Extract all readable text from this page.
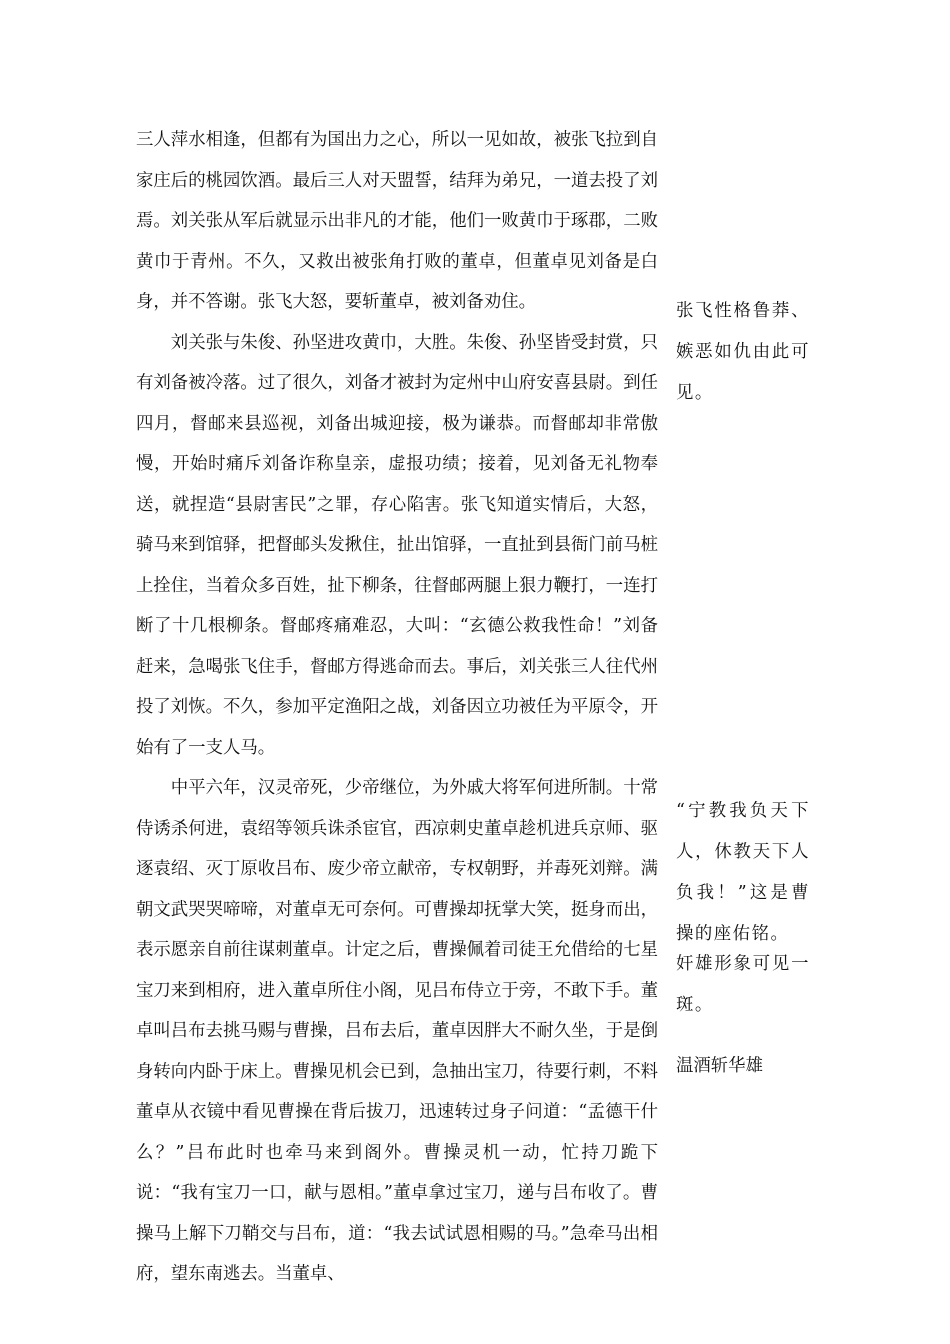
三人萍水相逢，但都有为国出力之心，所以一见如故，被张飞拉到自家庄后的桃园饮酒。最后三人对天盟誓，结拜为弟兄，一道去投了刘焉。刘关张从军后就显示出非凡的才能，他们一败黄巾于琢郡，二败黄巾于青州。不久，又救出被张角打败的董卓，但董卓见刘备是白身，并不答谢。张飞大怒，要斩董卓，被刘备劝住。

刘关张与朱俊、孙坚进攻黄巾，大胜。朱俊、孙坚皆受封赏，只有刘备被冷落。过了很久，刘备才被封为定州中山府安喜县尉。到任四月，督邮来县巡视，刘备出城迎接，极为谦恭。而督邮却非常傲慢，开始时痛斥刘备诈称皇亲，虚报功绩；接着，见刘备无礼物奉送，就捏造“县尉害民”之罪，存心陷害。张飞知道实情后，大怒，骑马来到馆驿，把督邮头发揪住，扯出馆驿，一直扯到县衙门前马桩上拴住，当着众多百姓，扯下柳条，往督邮两腿上狠力鞭打，一连打断了十几根柳条。督邮疼痛难忍，大叫：“玄德公救我性命！”刘备赶来，急喝张飞住手，督邮方得逃命而去。事后，刘关张三人往代州投了刘恢。不久，参加平定渔阳之战，刘备因立功被任为平原令，开始有了一支人马。

中平六年，汉灵帝死，少帝继位，为外戚大将军何进所制。十常侍诱杀何进，袁绍等领兵诛杀宦官，西凉刺史董卓趁机进兵京师、驱逐袁绍、灭丁原收吕布、废少帝立献帝，专权朝野，并毒死刘辩。满朝文武哭哭啼啼，对董卓无可奈何。可曹操却抚掌大笑，挺身而出，表示愿亲自前往谋刺董卓。计定之后，曹操佩着司徒王允借给的七星宝刀来到相府，进入董卓所住小阁，见吕布侍立于旁，不敢下手。董卓叫吕布去挑马赐与曹操，吕布去后，董卓因胖大不耐久坐，于是倒身转向内卧于床上。曹操见机会已到，急抽出宝刀，待要行刺，不料董卓从衣镜中看见曹操在背后拔刀，迅速转过身子问道：“孟德干什么？”吕布此时也牵马来到阁外。曹操灵机一动，忙持刀跪下说：“我有宝刀一口，献与恩相。”董卓拿过宝刀，递与吕布收了。曹操马上解下刀鞘交与吕布，道：“我去试试恩相赐的马。”急牵马出相府，望东南逃去。当董卓、

张飞性格鲁莽、嫉恶如仇由此可见。
“宁教我负天下人，休教天下人负我！”这是曹操的座佑铭。
奸雄形象可见一斑。
温酒斩华雄
